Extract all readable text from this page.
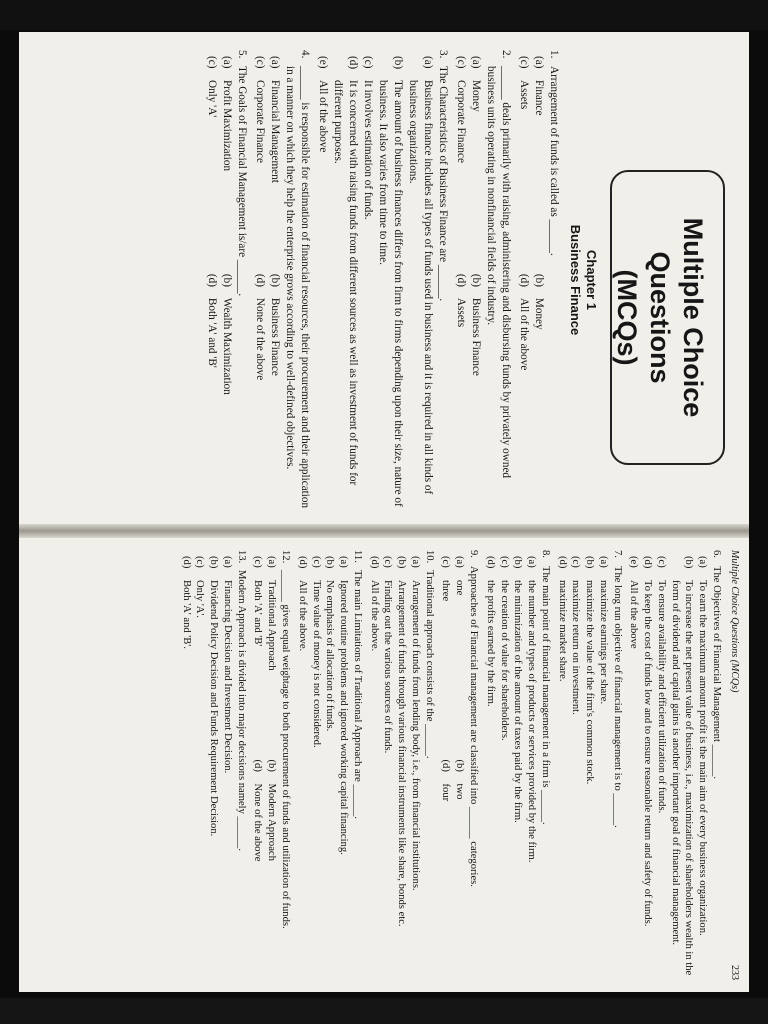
Multiple Choice Questions
(MCQs)
Chapter 1
Business Finance
1.
Arrangement of funds is called as ______.
(a)
Finance
(b)
Money
(c)
Assets
(d)
All of the above
2.
______ deals primarily with raising, administering and disbursing funds by privately owned business units operating in nonfinancial fields of industry.
(a)
Money
(b)
Business Finance
(c)
Corporate Finance
(d)
Assets
3.
The Characteristics of Business Finance are ______.
(a)
Business finance includes all types of funds used in business and it is required in all kinds of business organizations.
(b)
The amount of business finances differs from firm to firms depending upon their size, nature of business. It also varies from time to time.
(c)
It involves estimation of funds.
(d)
It is concerned with raising funds from different sources as well as investment of funds for different purposes.
(e)
All of the above
4.
______ is responsible for estimation of financial resources, their procurement and their application in a manner on which they help the enterprise grows according to well-defined objectives.
(a)
Financial Management
(b)
Business Finance
(c)
Corporate Finance
(d)
None of the above
5.
The Goals of Financial Management is/are ______.
(a)
Profit Maximization
(b)
Wealth Maximization
(c)
Only 'A'
(d)
Both 'A' and 'B'
Multiple Choice Questions (MCQs)
233
6.
The Objectives of Financial Management ______.
(a)
To earn the maximum amount profit is the main aim of every business organization.
(b)
To increase the net present value of business, i.e., maximization of shareholders wealth in the form of dividend and capital gains is another important goal of financial management.
(c)
To ensure availability and efficient utilization of funds.
(d)
To keep the cost of funds low and to ensure reasonable return and safety of funds.
(e)
All of the above
7.
The long run objective of financial management is to ______.
(a)
maximize earnings per share.
(b)
maximize the value of the firm's common stock.
(c)
maximize return on investment.
(d)
maximize market share.
8.
The main point of financial management in a firm is ______.
(a)
the number and types of products or services provided by the firm.
(b)
the minimization of the amount of taxes paid by the firm.
(c)
the creation of value for shareholders.
(d)
the profits earned by the firm.
9.
Approaches of Financial management are classified into ______ categories.
(a)
one
(b)
two
(c)
three
(d)
four
10.
Traditional approach consists of the ______.
(a)
Arrangement of funds from lending body, i.e., from financial institutions.
(b)
Arrangement of funds through various financial instruments like share, bonds etc.
(c)
Finding out the various sources of funds.
(d)
All of the above.
11.
The main Limitations of Traditional Approach are ______.
(a)
Ignored routine problems and ignored working capital financing.
(b)
No emphasis of allocation of funds.
(c)
Time value of money is not considered.
(d)
All of the above.
12.
______ gives equal weightage to both procurement of funds and utilization of funds.
(a)
Traditional Approach
(b)
Modern Approach
(c)
Both 'A' and 'B'
(d)
None of the above
13.
Modern Approach is divided into major decisions namely ______.
(a)
Financing Decision and Investment Decision.
(b)
Dividend Policy Decision and Funds Requirement Decision.
(c)
Only 'A'.
(d)
Both 'A' and 'B'.
